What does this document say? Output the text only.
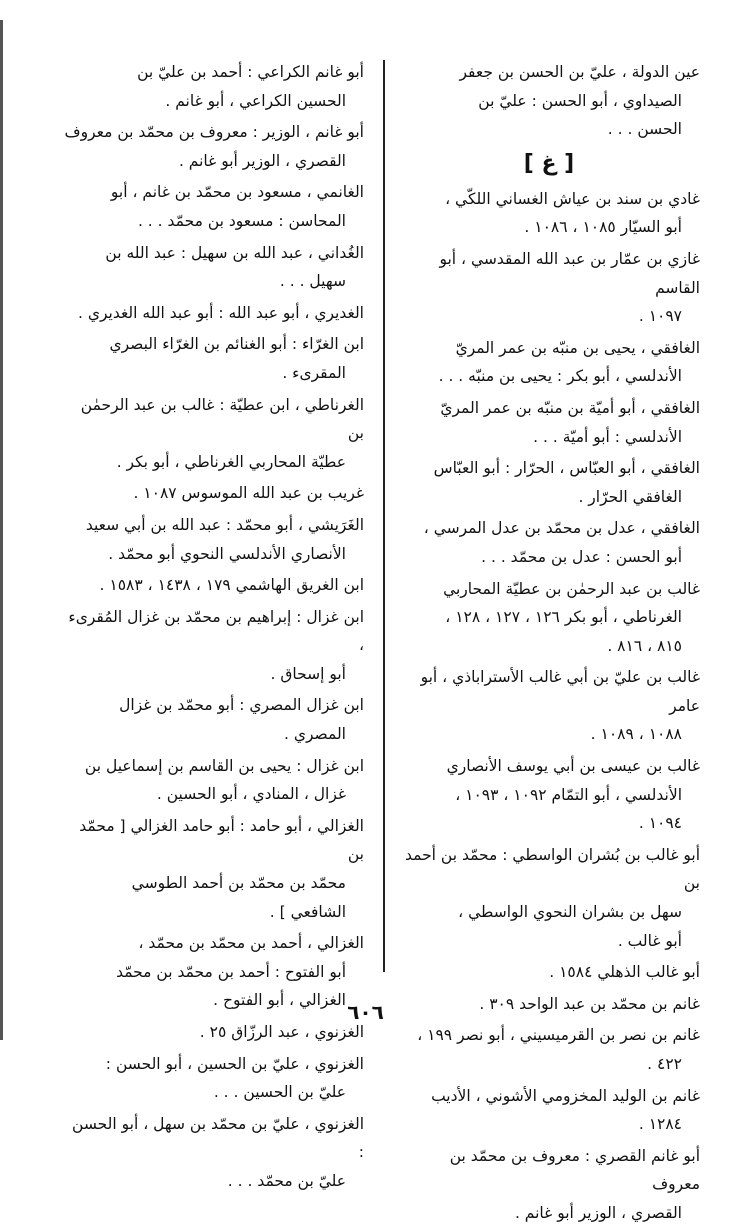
عين الدولة ، عليّ بن الحسن بن جعفر
الصيداوي ، أبو الحسن : عليّ بن
الحسن . . .
[ غ ]
غادي بن سند بن عياش الغساني اللكّي ،
أبو السيّار ١٠٨٥ ، ١٠٨٦ .
غازي بن عمّار بن عبد الله المقدسي ، أبو القاسم
١٠٩٧ .
الغافقي ، يحيى بن منبّه بن عمر المريّ
الأندلسي ، أبو بكر : يحيى بن منبّه . . .
الغافقي ، أبو أميّة بن منبّه بن عمر المريّ
الأندلسي : أبو أميّة . . .
الغافقي ، أبو العبّاس ، الحرّار : أبو العبّاس
الغافقي الحرّار .
الغافقي ، عدل بن محمّد بن عدل المرسي ،
أبو الحسن : عدل بن محمّد . . .
غالب بن عبد الرحمٰن بن عطيّة المحاربي
الغرناطي ، أبو بكر ١٢٦ ، ١٢٧ ، ١٢٨ ،
٨١٥ ، ٨١٦ .
غالب بن عليّ بن أبي غالب الأستراباذي ، أبو عامر
١٠٨٨ ، ١٠٨٩ .
غالب بن عيسى بن أبي يوسف الأنصاري
الأندلسي ، أبو التمّام ١٠٩٢ ، ١٠٩٣ ،
١٠٩٤ .
أبو غالب بن بُشران الواسطي : محمّد بن أحمد بن
سهل بن بشران النحوي الواسطي ،
أبو غالب .
أبو غالب الذهلي ١٥٨٤ .
غانم بن محمّد بن عبد الواحد ٣٠٩ .
غانم بن نصر بن القرميسيني ، أبو نصر ١٩٩ ،
٤٢٢ .
غانم بن الوليد المخزومي الأشوني ، الأديب
١٢٨٤ .
أبو غانم القصري : معروف بن محمّد بن معروف
القصري ، الوزير أبو غانم .
أبو غانم الكراعي : أحمد بن عليّ بن
الحسين الكراعي ، أبو غانم .
أبو غانم ، الوزير : معروف بن محمّد بن معروف
القصري ، الوزير أبو غانم .
الغانمي ، مسعود بن محمّد بن غانم ، أبو
المحاسن : مسعود بن محمّد . . .
الغُداني ، عبد الله بن سهيل : عبد الله بن
سهيل . . .
الغديري ، أبو عبد الله : أبو عبد الله الغديري .
ابن الغرّاء : أبو الغنائم بن الغرّاء البصري
المقرىء .
الغرناطي ، ابن عطيّة : غالب بن عبد الرحمٰن بن
عطيّة المحاربي الغرناطي ، أبو بكر .
غريب بن عبد الله الموسوس ١٠٨٧ .
الغَرَيشي ، أبو محمّد : عبد الله بن أبي سعيد
الأنصاري الأندلسي النحوي أبو محمّد .
ابن الغريق الهاشمي ١٧٩ ، ١٤٣٨ ، ١٥٨٣ .
ابن غزال : إبراهيم بن محمّد بن غزال المُقرىء ،
أبو إسحاق .
ابن غزال المصري : أبو محمّد بن غزال
المصري .
ابن غزال : يحيى بن القاسم بن إسماعيل بن
غزال ، المنادي ، أبو الحسين .
الغزالي ، أبو حامد : أبو حامد الغزالي [ محمّد بن
محمّد بن محمّد بن أحمد الطوسي
الشافعي ] .
الغزالي ، أحمد بن محمّد بن محمّد ،
أبو الفتوح : أحمد بن محمّد بن محمّد
الغزالي ، أبو الفتوح .
الغزنوي ، عبد الرزّاق ٢٥ .
الغزنوي ، عليّ بن الحسين ، أبو الحسن :
عليّ بن الحسين . . .
الغزنوي ، عليّ بن محمّد بن سهل ، أبو الحسن :
عليّ بن محمّد . . .
٦٠٦
